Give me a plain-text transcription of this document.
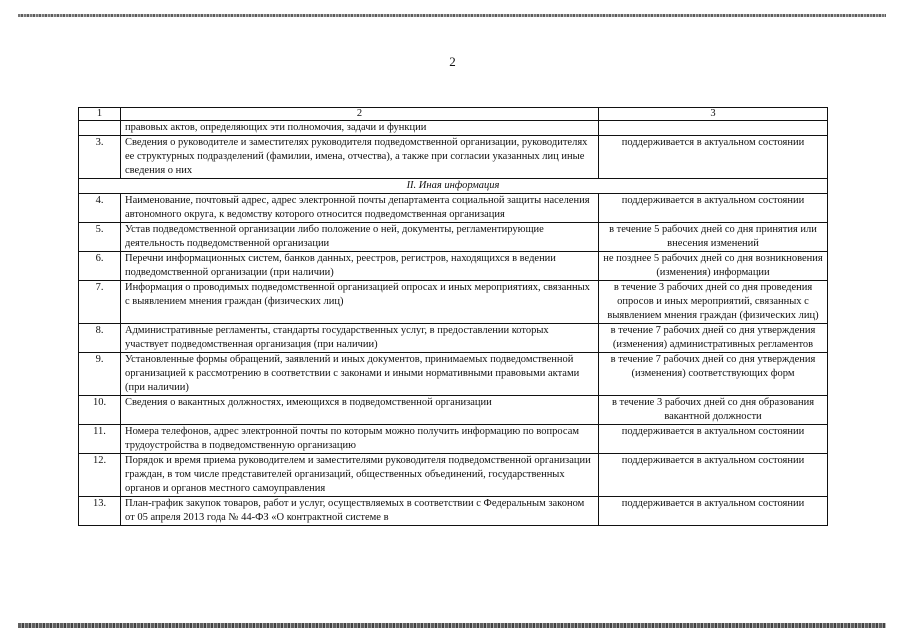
2
1	2	3
	правовых актов, определяющих эти полномочия, задачи и функции	
3.	Сведения о руководителе и заместителях руководителя подведомственной организации, руководителях ее структурных подразделений (фамилии, имена, отчества), а также при согласии указанных лиц иные сведения о них	поддерживается в актуальном состоянии
II. Иная информация		
4.	Наименование, почтовый адрес, адрес электронной почты департамента социальной защиты населения автономного округа, к ведомству которого относится подведомственная организация	поддерживается в актуальном состоянии
5.	Устав подведомственной организации либо положение о ней, документы, регламентирующие деятельность подведомственной организации	в течение 5 рабочих дней со дня принятия или внесения изменений
6.	Перечни информационных систем, банков данных, реестров, регистров, находящихся в ведении подведомственной организации (при наличии)	не позднее 5 рабочих дней со дня возникновения (изменения) информации
7.	Информация о проводимых подведомственной организацией опросах и иных мероприятиях, связанных с выявлением мнения граждан (физических лиц)	в течение 3 рабочих дней со дня проведения опросов и иных мероприятий, связанных с выявлением мнения граждан (физических лиц)
8.	Административные регламенты, стандарты государственных услуг, в предоставлении которых участвует подведомственная организация (при наличии)	в течение 7 рабочих дней со дня утверждения (изменения) административных регламентов
9.	Установленные формы обращений, заявлений и иных документов, принимаемых подведомственной организацией к рассмотрению в соответствии с законами и иными нормативными правовыми актами (при наличии)	в течение 7 рабочих дней со дня утверждения (изменения) соответствующих форм
10.	Сведения о вакантных должностях, имеющихся в подведомственной организации	в течение 3 рабочих дней со дня образования вакантной должности
11.	Номера телефонов, адрес электронной почты по которым можно получить информацию по вопросам трудоустройства в подведомственную организацию	поддерживается в актуальном состоянии
12.	Порядок и время приема руководителем и заместителями руководителя подведомственной организации граждан, в том числе представителей организаций, общественных объединений, государственных органов и органов местного самоуправления	поддерживается в актуальном состоянии
13.	План-график закупок товаров, работ и услуг, осуществляемых в соответствии с Федеральным законом от 05 апреля 2013 года № 44-ФЗ «О контрактной системе в	поддерживается в актуальном состоянии
